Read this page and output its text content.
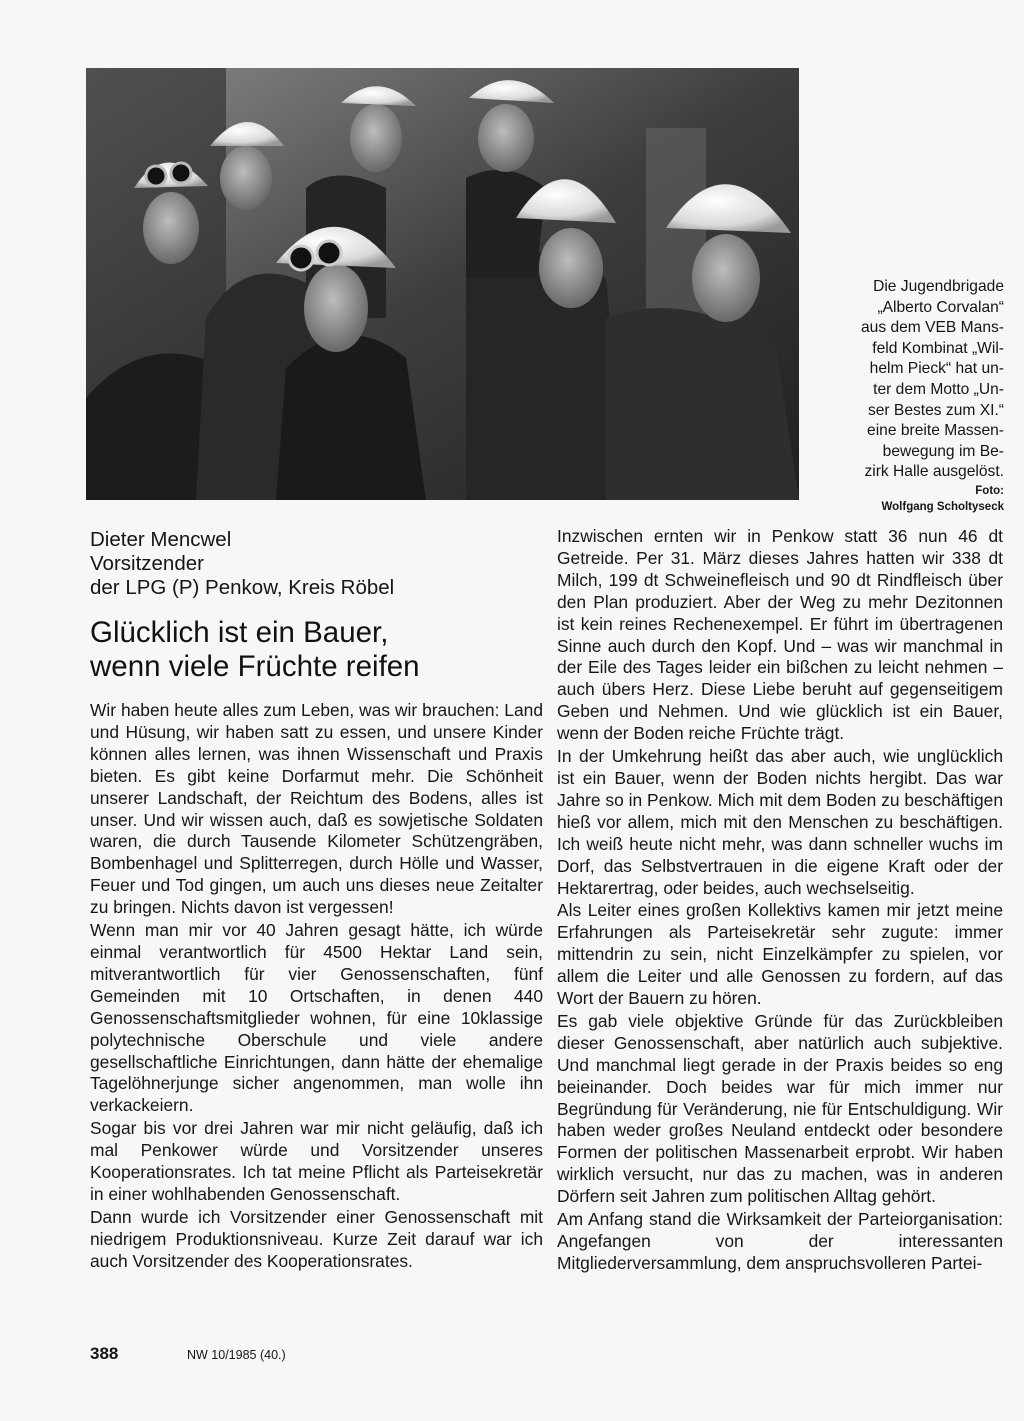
Die Jugendbrigade

„Alberto Corvalan“

aus dem VEB Mans-

feld Kombinat „Wil-

helm Pieck“ hat un-

ter dem Motto „Un-

ser Bestes zum XI.“

eine breite Massen-

bewegung im Be-

zirk Halle ausgelöst.

Foto:
Wolfgang Scholtyseck
Dieter Mencwel
Vorsitzender
der LPG (P) Penkow, Kreis Röbel
Glücklich ist ein Bauer,
wenn viele Früchte reifen

Wir haben heute alles zum Leben, was wir brauchen: Land und Hüsung, wir haben satt zu essen, und unsere Kinder können alles lernen, was ihnen Wissenschaft und Praxis bieten. Es gibt keine Dorfarmut mehr. Die Schönheit unserer Landschaft, der Reichtum des Bodens, alles ist unser. Und wir wissen auch, daß es sowjetische Soldaten waren, die durch Tausende Kilometer Schützengräben, Bombenhagel und Splitterregen, durch Hölle und Wasser, Feuer und Tod gingen, um auch uns dieses neue Zeitalter zu bringen. Nichts davon ist vergessen!

Wenn man mir vor 40 Jahren gesagt hätte, ich würde einmal verantwortlich für 4500 Hektar Land sein, mitverantwortlich für vier Genossenschaften, fünf Gemeinden mit 10 Ortschaften, in denen 440 Genossenschaftsmitglieder wohnen, für eine 10klassige polytechnische Oberschule und viele andere gesellschaftliche Einrichtungen, dann hätte der ehemalige Tagelöhnerjunge sicher angenommen, man wolle ihn verkackeiern.

Sogar bis vor drei Jahren war mir nicht geläufig, daß ich mal Penkower würde und Vorsitzender unseres Kooperationsrates. Ich tat meine Pflicht als Parteisekretär in einer wohlhabenden Genossenschaft.

Dann wurde ich Vorsitzender einer Genossenschaft mit niedrigem Produktionsniveau. Kurze Zeit darauf war ich auch Vorsitzender des Kooperationsrates.

Inzwischen ernten wir in Penkow statt 36 nun 46 dt Getreide. Per 31. März dieses Jahres hatten wir 338 dt Milch, 199 dt Schweinefleisch und 90 dt Rindfleisch über den Plan produziert. Aber der Weg zu mehr Dezitonnen ist kein reines Rechenexempel. Er führt im übertragenen Sinne auch durch den Kopf. Und – was wir manchmal in der Eile des Tages leider ein bißchen zu leicht nehmen – auch übers Herz. Diese Liebe beruht auf gegenseitigem Geben und Nehmen. Und wie glücklich ist ein Bauer, wenn der Boden reiche Früchte trägt.

In der Umkehrung heißt das aber auch, wie unglücklich ist ein Bauer, wenn der Boden nichts hergibt. Das war Jahre so in Penkow. Mich mit dem Boden zu beschäftigen hieß vor allem, mich mit den Menschen zu beschäftigen. Ich weiß heute nicht mehr, was dann schneller wuchs im Dorf, das Selbstvertrauen in die eigene Kraft oder der Hektarertrag, oder beides, auch wechselseitig.

Als Leiter eines großen Kollektivs kamen mir jetzt meine Erfahrungen als Parteisekretär sehr zugute: immer mittendrin zu sein, nicht Einzelkämpfer zu spielen, vor allem die Leiter und alle Genossen zu fordern, auf das Wort der Bauern zu hören.

Es gab viele objektive Gründe für das Zurückbleiben dieser Genossenschaft, aber natürlich auch subjektive. Und manchmal liegt gerade in der Praxis beides so eng beieinander. Doch beides war für mich immer nur Begründung für Veränderung, nie für Entschuldigung. Wir haben weder großes Neuland entdeckt oder besondere Formen der politischen Massenarbeit erprobt. Wir haben wirklich versucht, nur das zu machen, was in anderen Dörfern seit Jahren zum politischen Alltag gehört.

Am Anfang stand die Wirksamkeit der Parteiorganisation: Angefangen von der interessanten Mitgliederversammlung, dem anspruchsvolleren Partei-

388	NW 10/1985 (40.)
